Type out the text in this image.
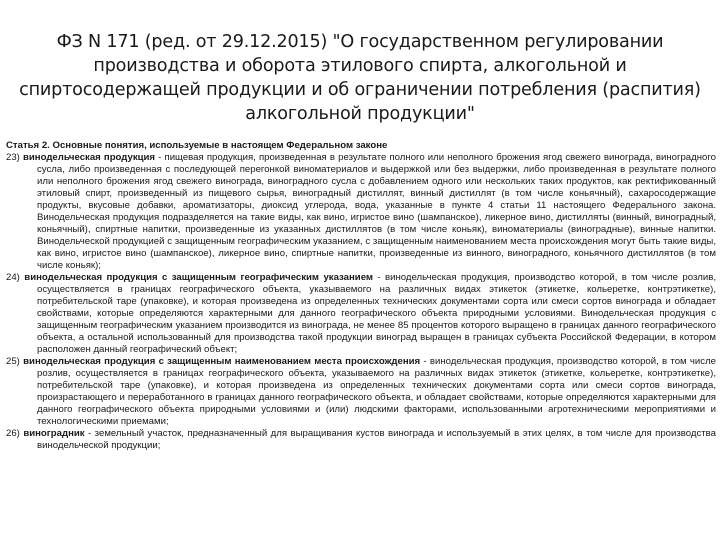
ФЗ N 171 (ред. от 29.12.2015) "О государственном регулировании производства и оборота этилового спирта, алкогольной и спиртосодержащей продукции и об ограничении потребления (распития) алкогольной продукции"
Статья 2. Основные понятия, используемые в настоящем Федеральном законе
23) винодельческая продукция - пищевая продукция, произведенная в результате полного или неполного брожения ягод свежего винограда, виноградного сусла, либо произведенная с последующей перегонкой виноматериалов и выдержкой или без выдержки, либо произведенная в результате полного или неполного брожения ягод свежего винограда, виноградного сусла с добавлением одного или нескольких таких продуктов, как ректификованный этиловый спирт, произведенный из пищевого сырья, виноградный дистиллят, винный дистиллят (в том числе коньячный), сахаросодержащие продукты, вкусовые добавки, ароматизаторы, диоксид углерода, вода, указанные в пункте 4 статьи 11 настоящего Федерального закона. Винодельческая продукция подразделяется на такие виды, как вино, игристое вино (шампанское), ликерное вино, дистилляты (винный, виноградный, коньячный), спиртные напитки, произведенные из указанных дистиллятов (в том числе коньяк), виноматериалы (виноградные), винные напитки. Винодельческой продукцией с защищенным географическим указанием, с защищенным наименованием места происхождения могут быть такие виды, как вино, игристое вино (шампанское), ликерное вино, спиртные напитки, произведенные из винного, виноградного, коньячного дистиллятов (в том числе коньяк);
24) винодельческая продукция с защищенным географическим указанием - винодельческая продукция, производство которой, в том числе розлив, осуществляется в границах географического объекта, указываемого на различных видах этикеток (этикетке, кольеретке, контрэтикетке), потребительской таре (упаковке), и которая произведена из определенных технических документами сорта или смеси сортов винограда и обладает свойствами, которые определяются характерными для данного географического объекта природными условиями. Винодельческая продукция с защищенным географическим указанием производится из винограда, не менее 85 процентов которого выращено в границах данного географического объекта, а остальной использованный для производства такой продукции виноград выращен в границах субъекта Российской Федерации, в котором расположен данный географический объект;
25) винодельческая продукция с защищенным наименованием места происхождения - винодельческая продукция, производство которой, в том числе розлив, осуществляется в границах географического объекта, указываемого на различных видах этикеток (этикетке, кольеретке, контрэтикетке), потребительской таре (упаковке), и которая произведена из определенных технических документами сорта или смеси сортов винограда, произрастающего и переработанного в границах данного географического объекта, и обладает свойствами, которые определяются характерными для данного географического объекта природными условиями и (или) людскими факторами, использованными агротехническими мероприятиями и технологическими приемами;
26) виноградник - земельный участок, предназначенный для выращивания кустов винограда и используемый в этих целях, в том числе для производства винодельческой продукции;
